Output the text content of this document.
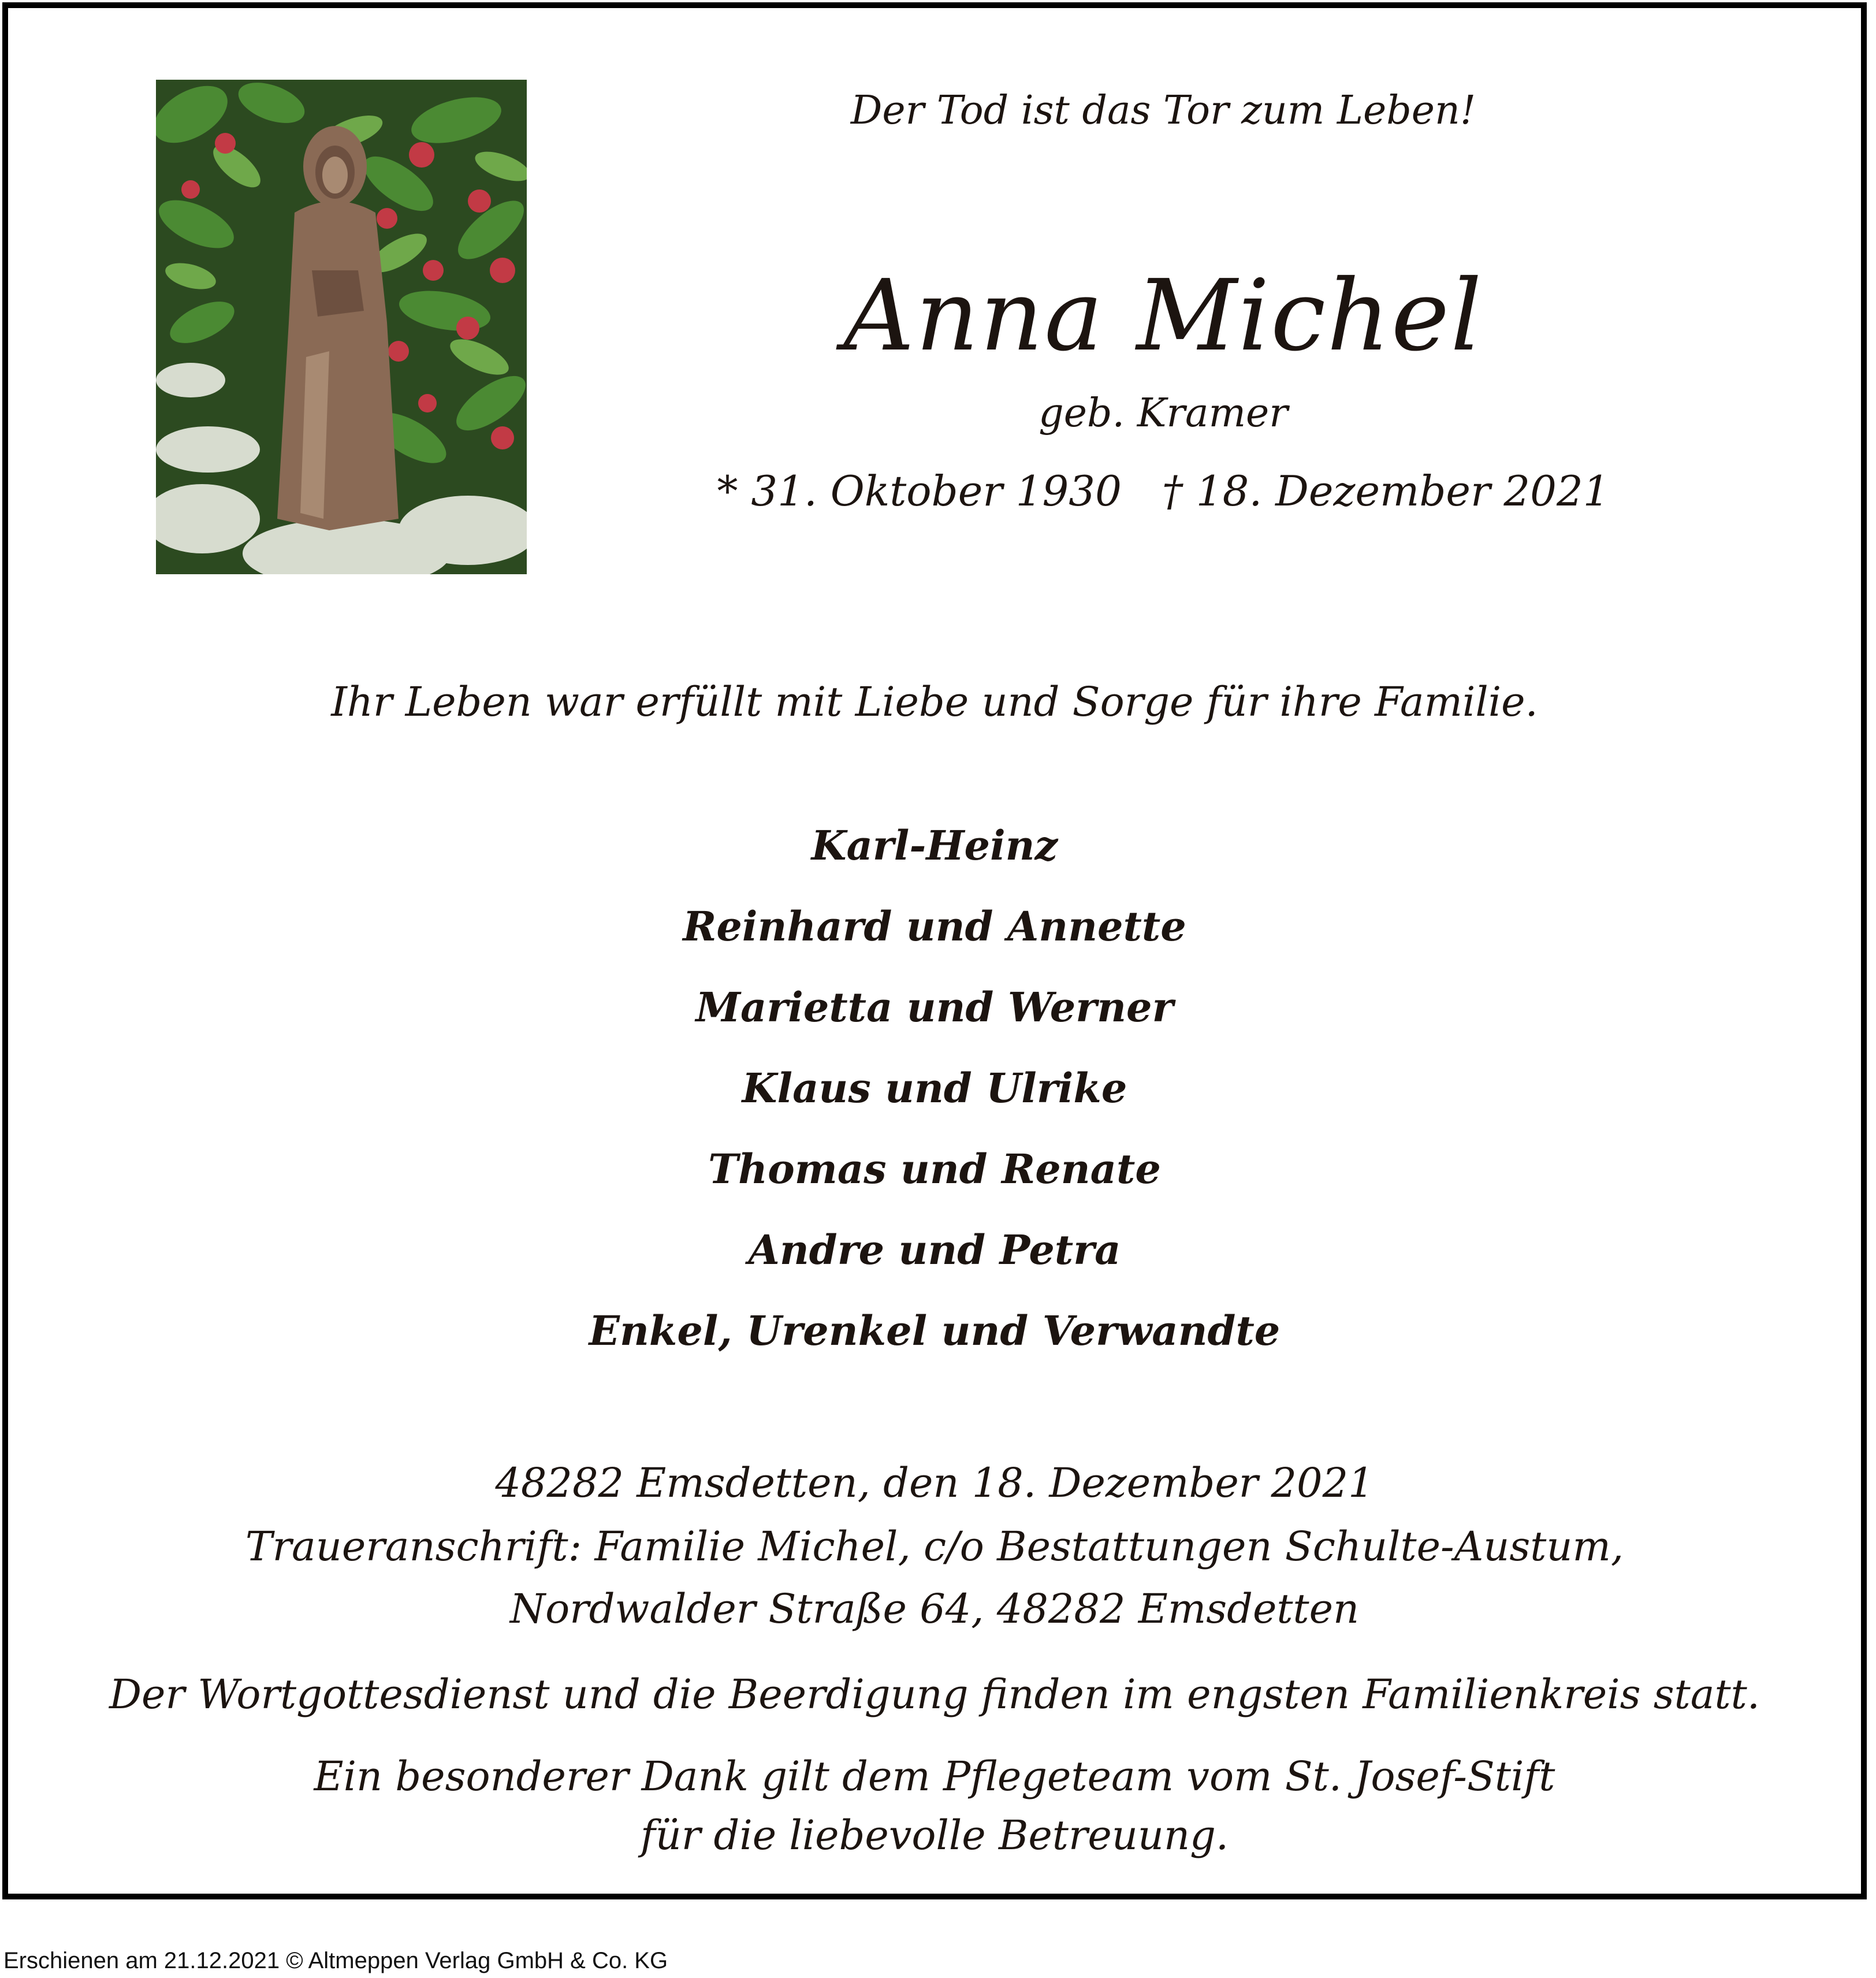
Der Tod ist das Tor zum Leben!

Anna Michel

geb. Kramer

* 31. Oktober 1930 † 18. Dezember 2021

Ihr Leben war erfüllt mit Liebe und Sorge für ihre Familie.

Karl-Heinz

Reinhard und Annette

Marietta und Werner

Klaus und Ulrike

Thomas und Renate

Andre und Petra

Enkel, Urenkel und Verwandte

48282 Emsdetten, den 18. Dezember 2021

Traueranschrift: Familie Michel, c/o Bestattungen Schulte-Austum,

Nordwalder Straße 64, 48282 Emsdetten

Der Wortgottesdienst und die Beerdigung finden im engsten Familienkreis statt.

Ein besonderer Dank gilt dem Pflegeteam vom St. Josef-Stift

für die liebevolle Betreuung.

Erschienen am 21.12.2021 © Altmeppen Verlag GmbH & Co. KG
